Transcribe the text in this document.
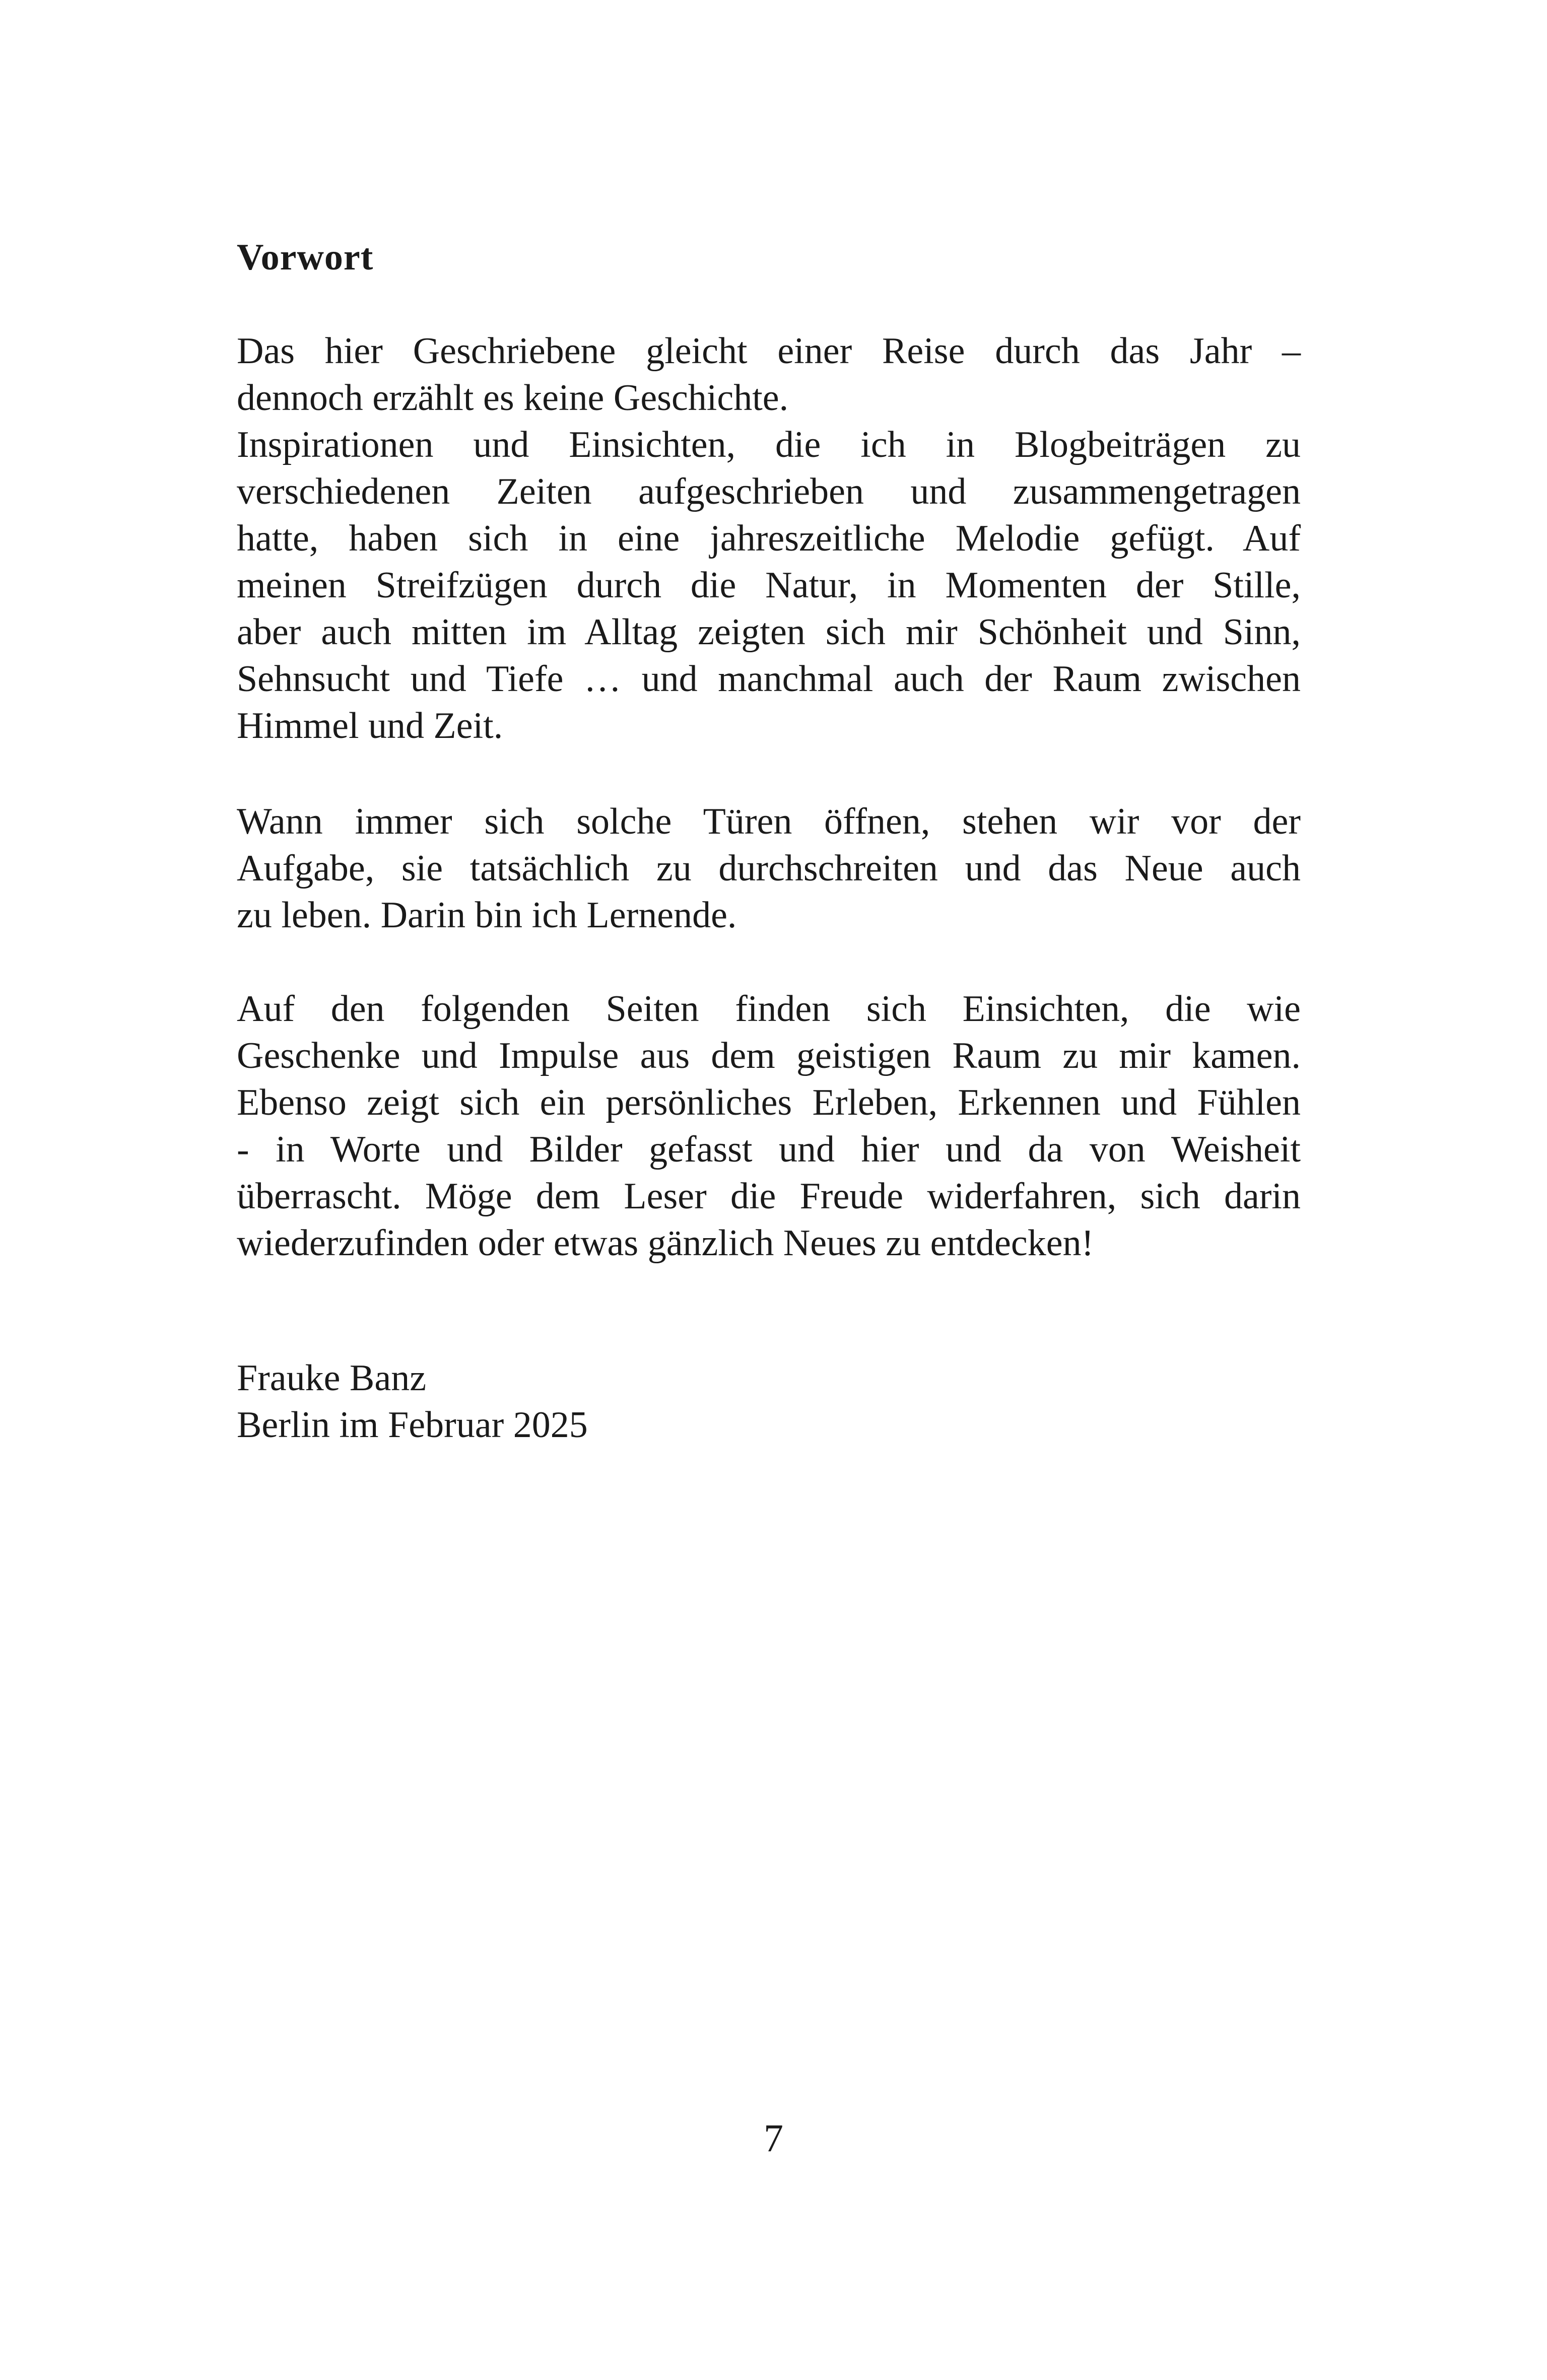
Vorwort
Das hier Geschriebene gleicht einer Reise durch das Jahr –
dennoch erzählt es keine Geschichte.
Inspirationen und Einsichten, die ich in Blogbeiträgen zu
verschiedenen Zeiten aufgeschrieben und zusammengetragen
hatte, haben sich in eine jahreszeitliche Melodie gefügt. Auf
meinen Streifzügen durch die Natur, in Momenten der Stille,
aber auch mitten im Alltag zeigten sich mir Schönheit und Sinn,
Sehnsucht und Tiefe … und manchmal auch der Raum zwischen
Himmel und Zeit.
Wann immer sich solche Türen öffnen, stehen wir vor der
Aufgabe, sie tatsächlich zu durchschreiten und das Neue auch
zu leben. Darin bin ich Lernende.
Auf den folgenden Seiten finden sich Einsichten, die wie
Geschenke und Impulse aus dem geistigen Raum zu mir kamen.
Ebenso zeigt sich ein persönliches Erleben, Erkennen und Fühlen
- in Worte und Bilder gefasst und hier und da von Weisheit
überrascht. Möge dem Leser die Freude widerfahren, sich darin
wiederzufinden oder etwas gänzlich Neues zu entdecken!
Frauke Banz
Berlin im Februar 2025
7
